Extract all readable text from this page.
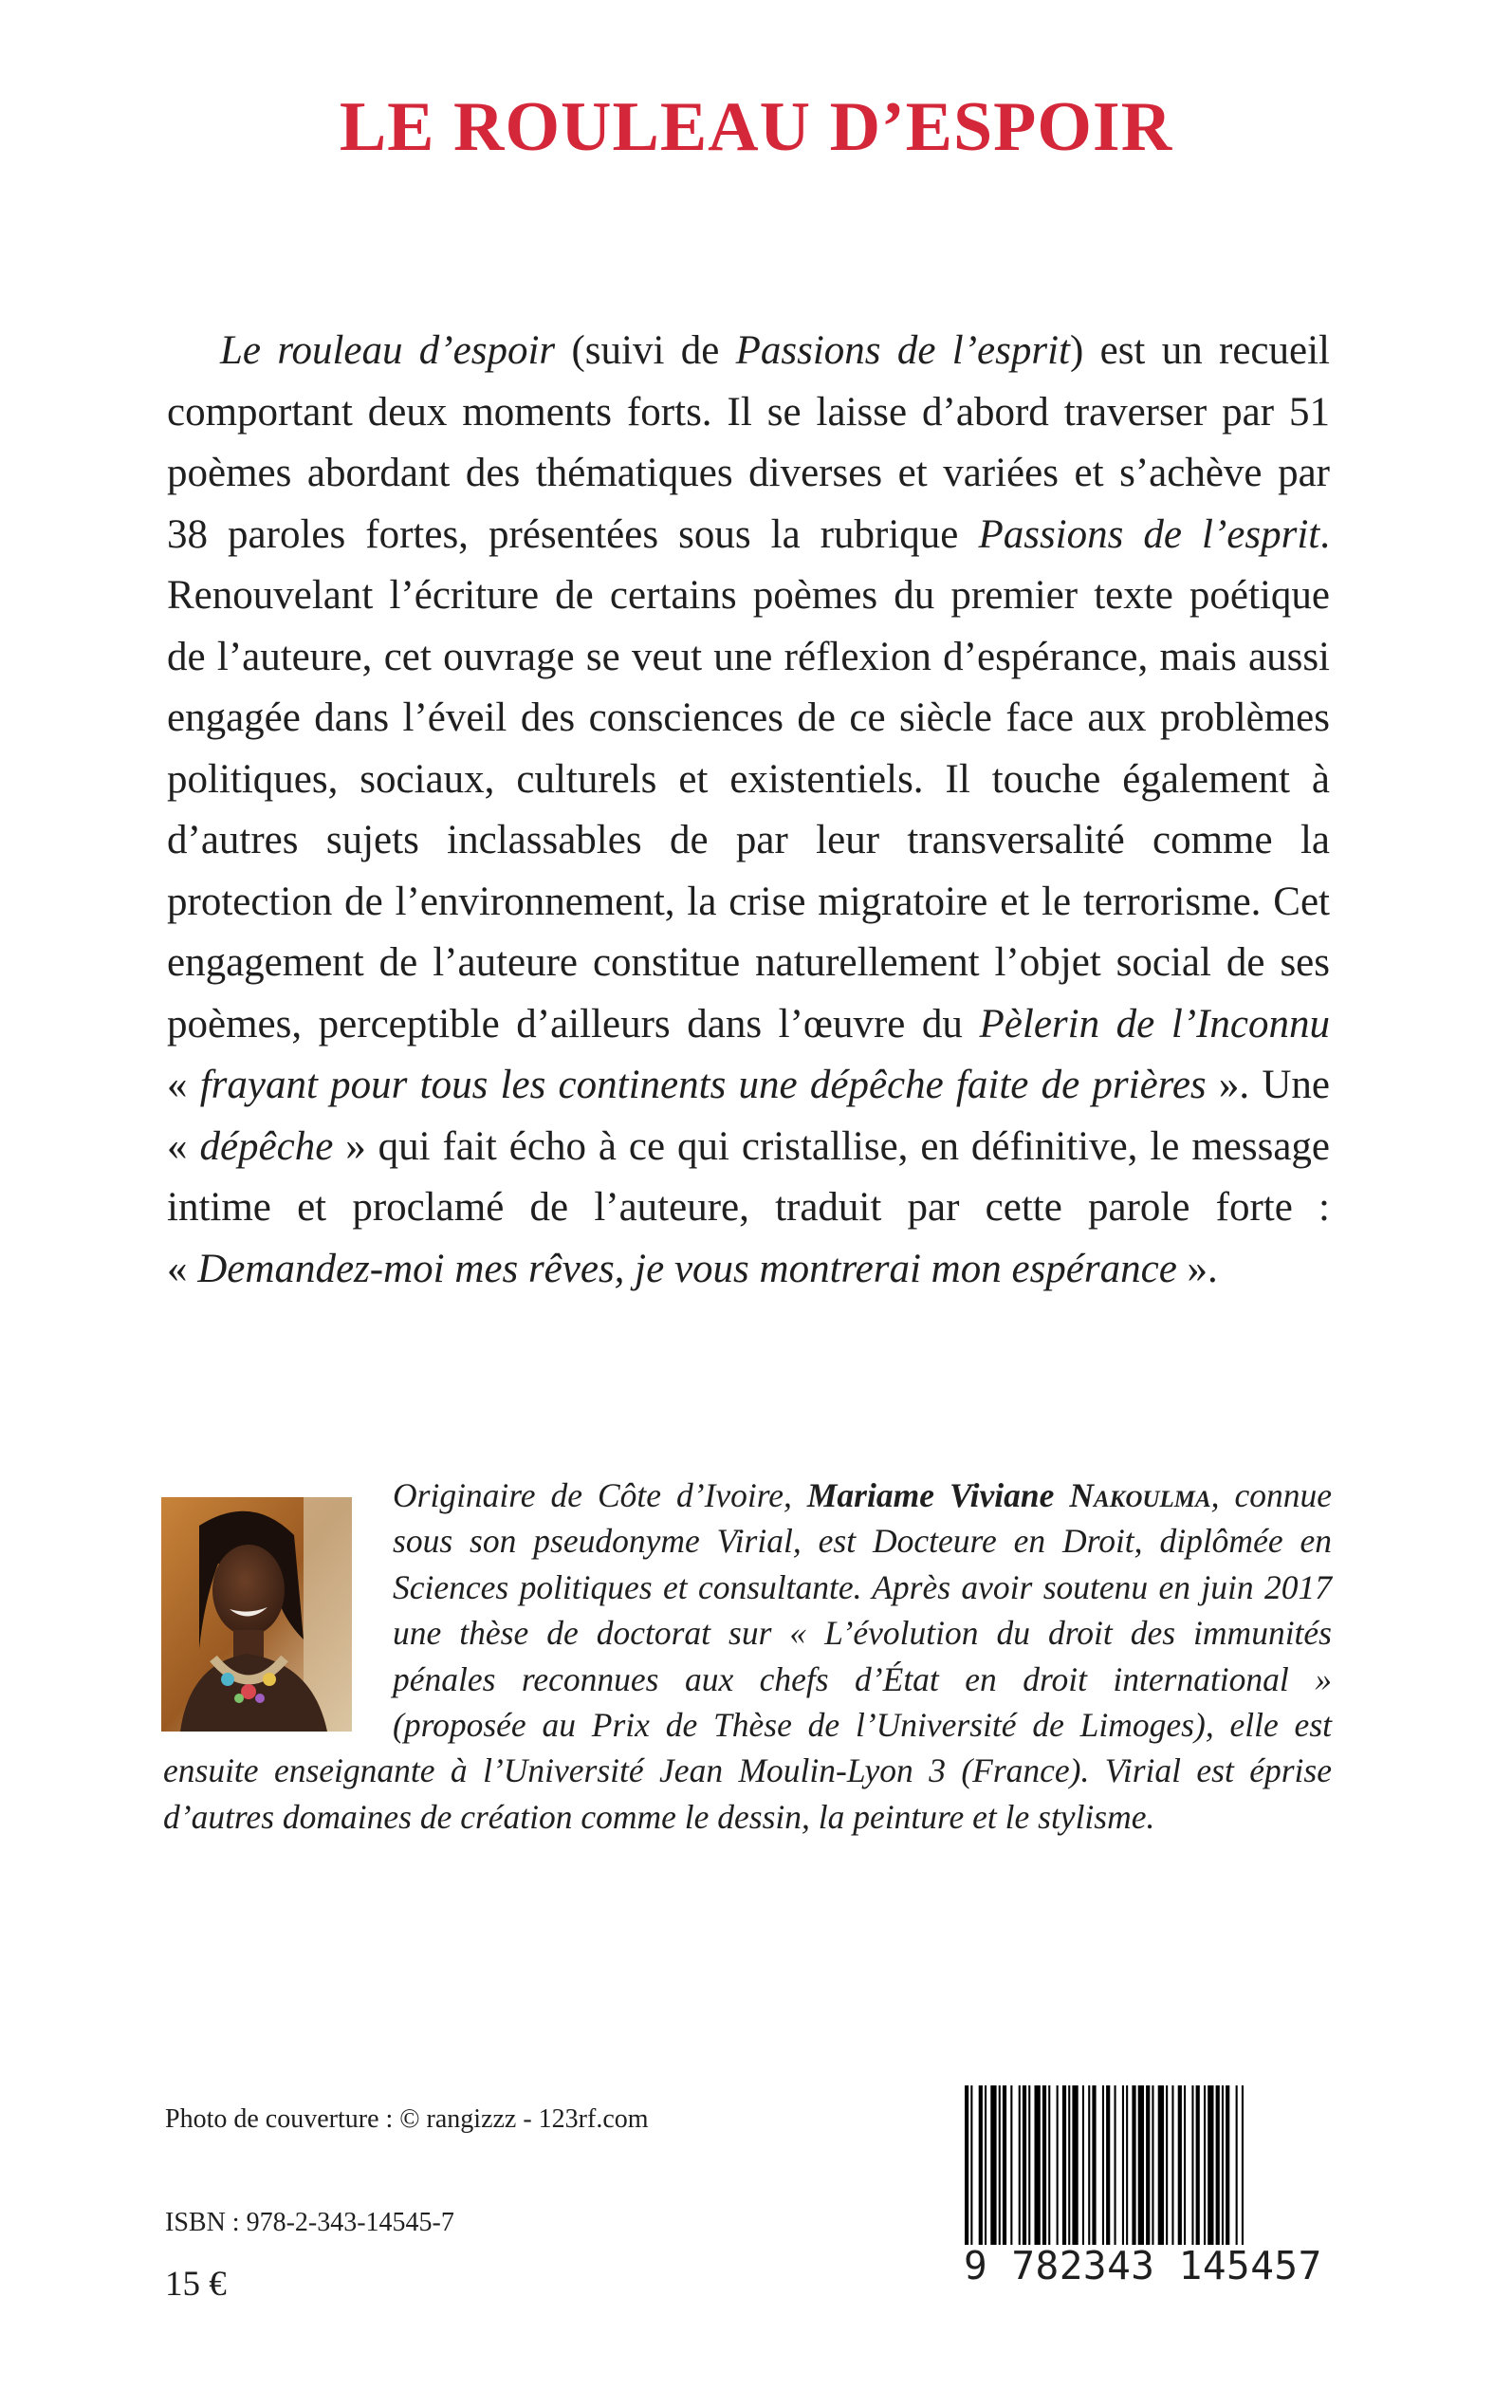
LE ROULEAU D’ESPOIR

Le rouleau d’espoir (suivi de Passions de l’esprit) est un recueil comportant deux moments forts. Il se laisse d’abord traverser par 51 poèmes abordant des thématiques diverses et variées et s’achève par 38 paroles fortes, présentées sous la rubrique Passions de l’esprit. Renouvelant l’écriture de certains poèmes du premier texte poétique de l’auteure, cet ouvrage se veut une réflexion d’espérance, mais aussi engagée dans l’éveil des consciences de ce siècle face aux problèmes politiques, sociaux, culturels et existentiels. Il touche également à d’autres sujets inclassables de par leur transversalité comme la protection de l’environnement, la crise migratoire et le terrorisme. Cet engagement de l’auteure constitue naturellement l’objet social de ses poèmes, perceptible d’ailleurs dans l’œuvre du Pèlerin de l’Inconnu « frayant pour tous les continents une dépêche faite de prières ». Une « dépêche » qui fait écho à ce qui cristallise, en définitive, le message intime et proclamé de l’auteure, traduit par cette parole forte : « Demandez-moi mes rêves, je vous montrerai mon espérance ».

Originaire de Côte d’Ivoire, Mariame Viviane Nakoulma, connue sous son pseudonyme Virial, est Docteure en Droit, diplômée en Sciences politiques et consultante. Après avoir soutenu en juin 2017 une thèse de doctorat sur « L’évolution du droit des immunités pénales reconnues aux chefs d’État en droit international » (proposée au Prix de Thèse de l’Université de Limoges), elle est ensuite enseignante à l’Université Jean Moulin-Lyon 3 (France). Virial est éprise d’autres domaines de création comme le dessin, la peinture et le stylisme.

Photo de couverture : © rangizzz - 123rf.com

ISBN : 978-2-343-14545-7

15 €	9 782343 145457
